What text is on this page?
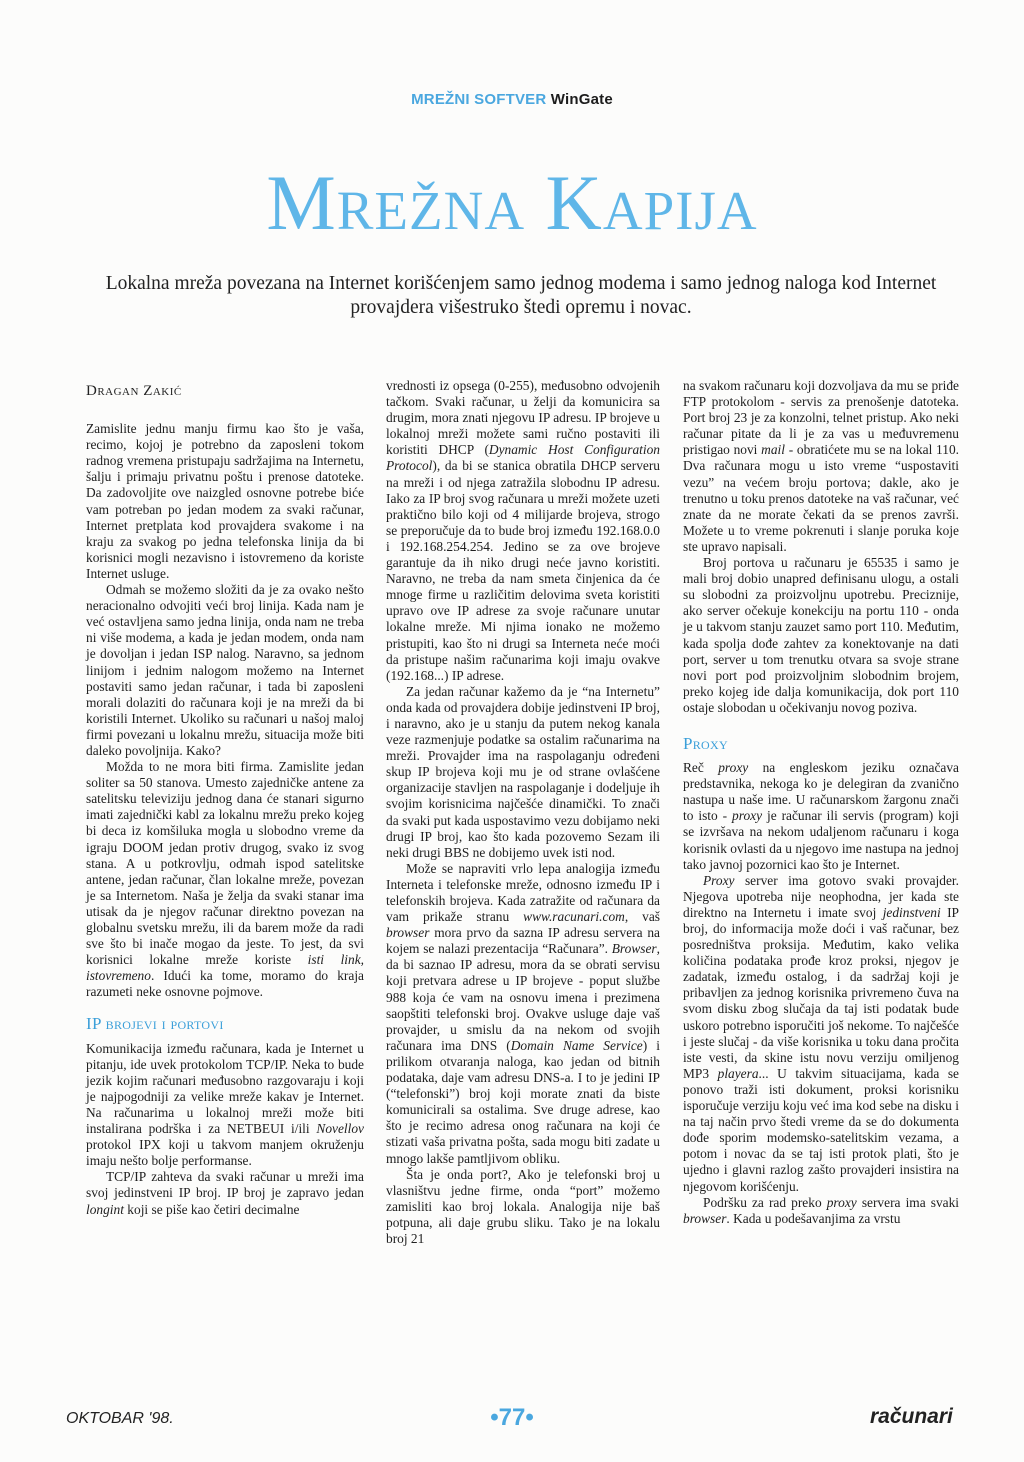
MREŽNI SOFTVER WinGate
Mrežna Kapija

Lokalna mreža povezana na Internet korišćenjem samo jednog modema i samo jednog naloga kod Internet provajdera višestruko štedi opremu i novac.

Dragan Zakić

Zamislite jednu manju firmu kao što je vaša, recimo, kojoj je potrebno da zaposleni tokom radnog vremena pristupaju sadržajima na Internetu, šalju i primaju privatnu poštu i prenose datoteke. Da zadovoljite ove naizgled osnovne potrebe biće vam potreban po jedan modem za svaki računar, Internet pretplata kod provajdera svakome i na kraju za svakog po jedna telefonska linija da bi korisnici mogli nezavisno i istovremeno da koriste Internet usluge.

Odmah se možemo složiti da je za ovako nešto neracionalno odvojiti veći broj linija. Kada nam je već ostavljena samo jedna linija, onda nam ne treba ni više modema, a kada je jedan modem, onda nam je dovoljan i jedan ISP nalog. Naravno, sa jednom linijom i jednim nalogom možemo na Internet postaviti samo jedan računar, i tada bi zaposleni morali dolaziti do računara koji je na mreži da bi koristili Internet. Ukoliko su računari u našoj maloj firmi povezani u lokalnu mrežu, situacija može biti daleko povoljnija. Kako?

Možda to ne mora biti firma. Zamislite jedan soliter sa 50 stanova. Umesto zajedničke antene za satelitsku televiziju jednog dana će stanari sigurno imati zajednički kabl za lokalnu mrežu preko kojeg bi deca iz komšiluka mogla u slobodno vreme da igraju DOOM jedan protiv drugog, svako iz svog stana. A u potkrovlju, odmah ispod satelitske antene, jedan računar, član lokalne mreže, povezan je sa Internetom. Naša je želja da svaki stanar ima utisak da je njegov računar direktno povezan na globalnu svetsku mrežu, ili da barem može da radi sve što bi inače mogao da jeste. To jest, da svi korisnici lokalne mreže koriste isti link, istovremeno. Idući ka tome, moramo do kraja razumeti neke osnovne pojmove.

IP brojevi i portovi

Komunikacija između računara, kada je Internet u pitanju, ide uvek protokolom TCP/IP. Neka to bude jezik kojim računari međusobno razgovaraju i koji je najpogodniji za velike mreže kakav je Internet. Na računarima u lokalnoj mreži može biti instalirana podrška i za NETBEUI i/ili Novellov protokol IPX koji u takvom manjem okruženju imaju nešto bolje performanse.

TCP/IP zahteva da svaki računar u mreži ima svoj jedinstveni IP broj. IP broj je zapravo jedan longint koji se piše kao četiri decimalne

vrednosti iz opsega (0-255), međusobno odvojenih tačkom. Svaki računar, u želji da komunicira sa drugim, mora znati njegovu IP adresu. IP brojeve u lokalnoj mreži možete sami ručno postaviti ili koristiti DHCP (Dynamic Host Configuration Protocol), da bi se stanica obratila DHCP serveru na mreži i od njega zatražila slobodnu IP adresu. Iako za IP broj svog računara u mreži možete uzeti praktično bilo koji od 4 milijarde brojeva, strogo se preporučuje da to bude broj između 192.168.0.0 i 192.168.254.254. Jedino se za ove brojeve garantuje da ih niko drugi neće javno koristiti. Naravno, ne treba da nam smeta činjenica da će mnoge firme u različitim delovima sveta koristiti upravo ove IP adrese za svoje računare unutar lokalne mreže. Mi njima ionako ne možemo pristupiti, kao što ni drugi sa Interneta neće moći da pristupe našim računarima koji imaju ovakve (192.168...) IP adrese.

Za jedan računar kažemo da je “na Internetu” onda kada od provajdera dobije jedinstveni IP broj, i naravno, ako je u stanju da putem nekog kanala veze razmenjuje podatke sa ostalim računarima na mreži. Provajder ima na raspolaganju određeni skup IP brojeva koji mu je od strane ovlašćene organizacije stavljen na raspolaganje i dodeljuje ih svojim korisnicima najčešće dinamički. To znači da svaki put kada uspostavimo vezu dobijamo neki drugi IP broj, kao što kada pozovemo Sezam ili neki drugi BBS ne dobijemo uvek isti nod.

Može se napraviti vrlo lepa analogija između Interneta i telefonske mreže, odnosno između IP i telefonskih brojeva. Kada zatražite od računara da vam prikaže stranu www.racunari.com, vaš browser mora prvo da sazna IP adresu servera na kojem se nalazi prezentacija “Računara”. Browser, da bi saznao IP adresu, mora da se obrati servisu koji pretvara adrese u IP brojeve - poput službe 988 koja će vam na osnovu imena i prezimena saopštiti telefonski broj. Ovakve usluge daje vaš provajder, u smislu da na nekom od svojih računara ima DNS (Domain Name Service) i prilikom otvaranja naloga, kao jedan od bitnih podataka, daje vam adresu DNS-a. I to je jedini IP (“telefonski”) broj koji morate znati da biste komunicirali sa ostalima. Sve druge adrese, kao što je recimo adresa onog računara na koji će stizati vaša privatna pošta, sada mogu biti zadate u mnogo lakše pamtljivom obliku.

Šta je onda port?, Ako je telefonski broj u vlasništvu jedne firme, onda “port” možemo zamisliti kao broj lokala. Analogija nije baš potpuna, ali daje grubu sliku. Tako je na lokalu broj 21

na svakom računaru koji dozvoljava da mu se priđe FTP protokolom - servis za prenošenje datoteka. Port broj 23 je za konzolni, telnet pristup. Ako neki računar pitate da li je za vas u međuvremenu pristigao novi mail - obratićete mu se na lokal 110. Dva računara mogu u isto vreme “uspostaviti vezu” na većem broju portova; dakle, ako je trenutno u toku prenos datoteke na vaš računar, već znate da ne morate čekati da se prenos završi. Možete u to vreme pokrenuti i slanje poruka koje ste upravo napisali.

Broj portova u računaru je 65535 i samo je mali broj dobio unapred definisanu ulogu, a ostali su slobodni za proizvoljnu upotrebu. Preciznije, ako server očekuje konekciju na portu 110 - onda je u takvom stanju zauzet samo port 110. Međutim, kada spolja dođe zahtev za konektovanje na dati port, server u tom trenutku otvara sa svoje strane novi port pod proizvoljnim slobodnim brojem, preko kojeg ide dalja komunikacija, dok port 110 ostaje slobodan u očekivanju novog poziva.

Proxy

Reč proxy na engleskom jeziku označava predstavnika, nekoga ko je delegiran da zvanično nastupa u naše ime. U računarskom žargonu znači to isto - proxy je računar ili servis (program) koji se izvršava na nekom udaljenom računaru i koga korisnik ovlasti da u njegovo ime nastupa na jednoj tako javnoj pozornici kao što je Internet.

Proxy server ima gotovo svaki provajder. Njegova upotreba nije neophodna, jer kada ste direktno na Internetu i imate svoj jedinstveni IP broj, do informacija može doći i vaš računar, bez posredništva proksija. Međutim, kako velika količina podataka prođe kroz proksi, njegov je zadatak, između ostalog, i da sadržaj koji je pribavljen za jednog korisnika privremeno čuva na svom disku zbog slučaja da taj isti podatak bude uskoro potrebno isporučiti još nekome. To najčešće i jeste slučaj - da više korisnika u toku dana pročita iste vesti, da skine istu novu verziju omiljenog MP3 playera... U takvim situacijama, kada se ponovo traži isti dokument, proksi korisniku isporučuje verziju koju već ima kod sebe na disku i na taj način prvo štedi vreme da se do dokumenta dođe sporim modemsko-satelitskim vezama, a potom i novac da se taj isti protok plati, što je ujedno i glavni razlog zašto provajderi insistira na njegovom korišćenju.

Podršku za rad preko proxy servera ima svaki browser. Kada u podešavanjima za vrstu

OKTOBAR '98.	•77•	računari
